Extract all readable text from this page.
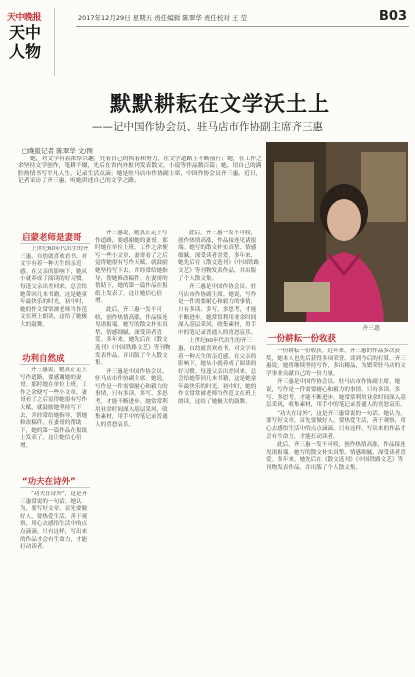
天中晚报
天中人物
2017年12月29日 星期五 责任编辑 陈翠华 责任校对 王 莹	B03
默默耕耘在文学沃土上
——记中国作协会员、驻马店市作协副主席齐三惠
□晚报记者 陈翠华 文/图

她，对文学有着浓厚兴趣，凭着自己的执着和努力，在文学道路上不断前行；她，在工作之余坚持文学创作，笔耕不辍，先后在省内外报刊发表散文、小说等作品数百篇；她，用自己的满腔热情书写平凡人生，记录生活点滴；她是驻马店市作协副主席、中国作协会员齐三惠。近日，记者采访了齐三惠，听她讲述自己的文学之路。

齐三惠
启蒙老师是妻哥

上世纪60年代出生的齐三惠，自幼就喜欢看书，对文字有着一种天生的亲近感。在父亲的影响下，她从小就养成了阅读的好习惯。每逢父亲出差回来，总会给她带回几本书籍，这是她童年最快乐的时光。初中时，她的作文常常被老师当作范文在班上朗读，这给了她极大的鼓舞。

功利自然成

齐三惠说，她真正走上写作道路，要感谢她的妻哥。那时她在单位上班，工作之余便写一些小文章，妻哥看了之后觉得她很有写作天赋，就鼓励她坚持写下去，并经常给她指导，帮她修改稿件。在妻哥的帮助下，她的第一篇作品在报纸上发表了，这让她信心倍增。

“功夫在诗外”

“功夫在诗外”，这是齐三惠常说的一句话。她认为，要写好文章，首先要做好人，要热爱生活，善于观察，用心去感悟生活中的点点滴滴。只有这样，写出来的作品才会有生命力，才能打动读者。

齐三惠说，她真正走上写作道路，要感谢她的妻哥。那时她在单位上班，工作之余便写一些小文章，妻哥看了之后觉得她很有写作天赋，就鼓励她坚持写下去，并经常给她指导，帮她修改稿件。在妻哥的帮助下，她的第一篇作品在报纸上发表了，这让她信心倍增。

此后，齐三惠一发不可收，创作热情高涨，作品接连见诸报端。她写的散文朴实真挚、情感细腻，深受读者喜爱。多年来，她先后在《散文选刊》《中国铁路文艺》等刊物发表作品，并出版了个人散文集。

齐三惠是中国作协会员、驻马店市作协副主席。她说，写作是一件需要耐心和毅力的事情，只有多读、多写、多思考，才能不断进步。她常常利用业余时间深入基层采风，收集素材，用手中的笔记录普通人的喜怒哀乐。

此后，齐三惠一发不可收，创作热情高涨，作品接连见诸报端。她写的散文朴实真挚、情感细腻，深受读者喜爱。多年来，她先后在《散文选刊》《中国铁路文艺》等刊物发表作品，并出版了个人散文集。

齐三惠是中国作协会员、驻马店市作协副主席。她说，写作是一件需要耐心和毅力的事情，只有多读、多写、多思考，才能不断进步。她常常利用业余时间深入基层采风，收集素材，用手中的笔记录普通人的喜怒哀乐。

上世纪60年代出生的齐三惠，自幼就喜欢看书，对文字有着一种天生的亲近感。在父亲的影响下，她从小就养成了阅读的好习惯。每逢父亲出差回来，总会给她带回几本书籍，这是她童年最快乐的时光。初中时，她的作文常常被老师当作范文在班上朗读，这给了她极大的鼓舞。

一份耕耘一份收获

一份耕耘一份收获。近年来，齐三惠的作品多次获奖，她本人也先后获得多项荣誉。谈到今后的打算，齐三惠说，她将继续坚持写作，多出精品，为繁荣驻马店的文学事业贡献自己的一份力量。

齐三惠是中国作协会员、驻马店市作协副主席。她说，写作是一件需要耐心和毅力的事情，只有多读、多写、多思考，才能不断进步。她常常利用业余时间深入基层采风，收集素材，用手中的笔记录普通人的喜怒哀乐。

“功夫在诗外”，这是齐三惠常说的一句话。她认为，要写好文章，首先要做好人，要热爱生活，善于观察，用心去感悟生活中的点点滴滴。只有这样，写出来的作品才会有生命力，才能打动读者。

此后，齐三惠一发不可收，创作热情高涨，作品接连见诸报端。她写的散文朴实真挚、情感细腻，深受读者喜爱。多年来，她先后在《散文选刊》《中国铁路文艺》等刊物发表作品，并出版了个人散文集。
